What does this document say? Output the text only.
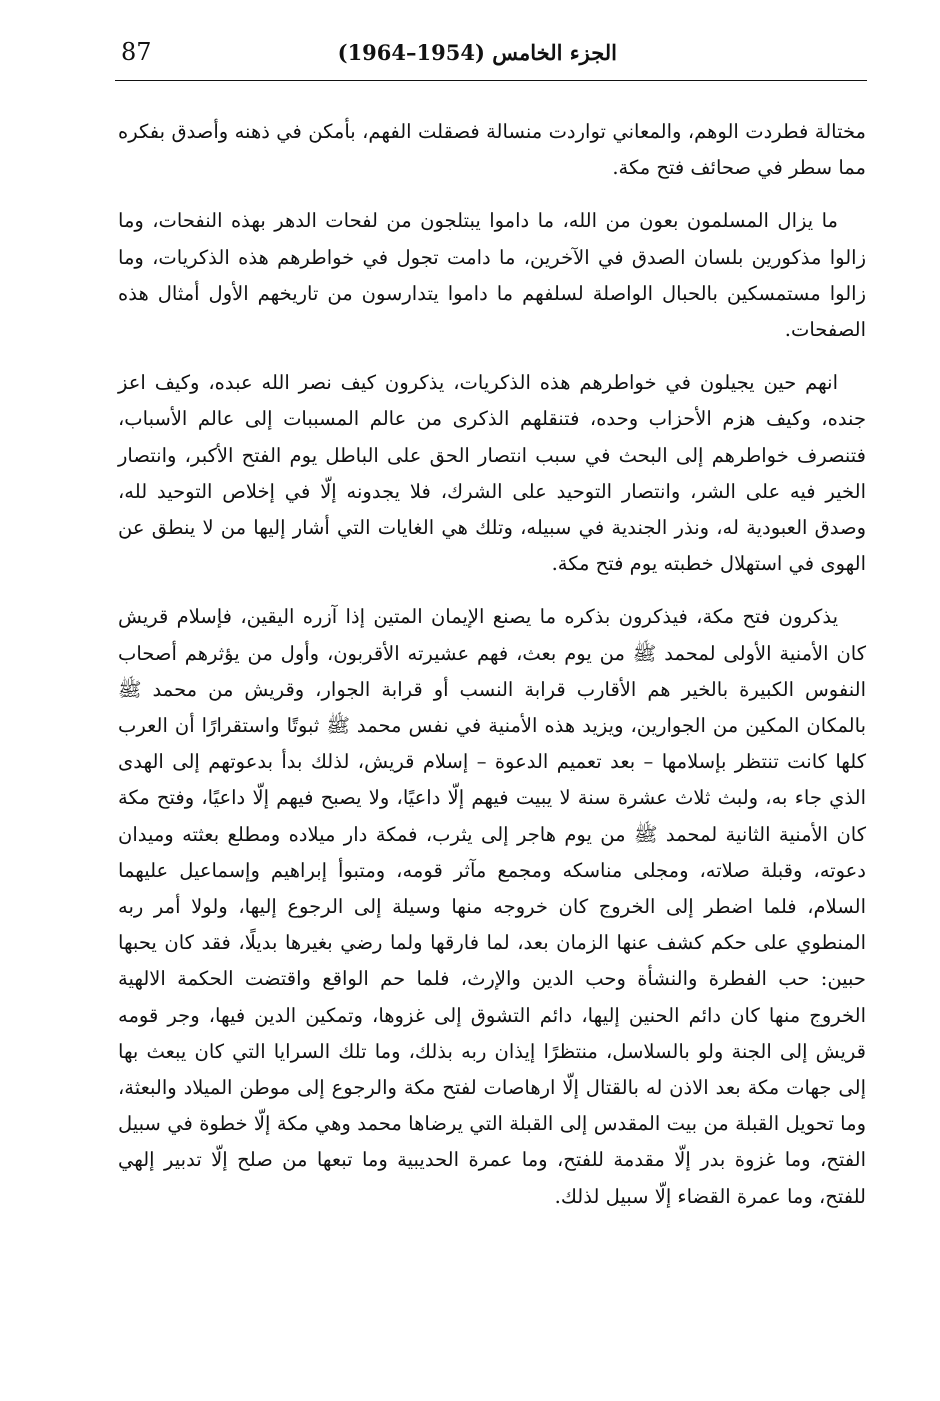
87	الجزء الخامس (1954–1964)

مختالة فطردت الوهم، والمعاني تواردت منسالة فصقلت الفهم، بأمكن في ذهنه وأصدق بفكره مما سطر في صحائف فتح مكة.

ما يزال المسلمون بعون من الله، ما داموا يبتلجون من لفحات الدهر بهذه النفحات، وما زالوا مذكورين بلسان الصدق في الآخرين، ما دامت تجول في خواطرهم هذه الذكريات، وما زالوا مستمسكين بالحبال الواصلة لسلفهم ما داموا يتدارسون من تاريخهم الأول أمثال هذه الصفحات.

انهم حين يجيلون في خواطرهم هذه الذكريات، يذكرون كيف نصر الله عبده، وكيف اعز جنده، وكيف هزم الأحزاب وحده، فتنقلهم الذكرى من عالم المسببات إلى عالم الأسباب، فتنصرف خواطرهم إلى البحث في سبب انتصار الحق على الباطل يوم الفتح الأكبر، وانتصار الخير فيه على الشر، وانتصار التوحيد على الشرك، فلا يجدونه إلّا في إخلاص التوحيد لله، وصدق العبودية له، ونذر الجندية في سبيله، وتلك هي الغايات التي أشار إليها من لا ينطق عن الهوى في استهلال خطبته يوم فتح مكة.

يذكرون فتح مكة، فيذكرون بذكره ما يصنع الإيمان المتين إذا آزره اليقين، فإسلام قريش كان الأمنية الأولى لمحمد ﷺ من يوم بعث، فهم عشيرته الأقربون، وأول من يؤثرهم أصحاب النفوس الكبيرة بالخير هم الأقارب قرابة النسب أو قرابة الجوار، وقريش من محمد ﷺ بالمكان المكين من الجوارين، ويزيد هذه الأمنية في نفس محمد ﷺ ثبوتًا واستقرارًا أن العرب كلها كانت تنتظر بإسلامها – بعد تعميم الدعوة – إسلام قريش، لذلك بدأ بدعوتهم إلى الهدى الذي جاء به، ولبث ثلاث عشرة سنة لا يبيت فيهم إلّا داعيًا، ولا يصبح فيهم إلّا داعيًا، وفتح مكة كان الأمنية الثانية لمحمد ﷺ من يوم هاجر إلى يثرب، فمكة دار ميلاده ومطلع بعثته وميدان دعوته، وقبلة صلاته، ومجلى مناسكه ومجمع مآثر قومه، ومتبوأ إبراهيم وإسماعيل عليهما السلام، فلما اضطر إلى الخروج كان خروجه منها وسيلة إلى الرجوع إليها، ولولا أمر ربه المنطوي على حكم كشف عنها الزمان بعد، لما فارقها ولما رضي بغيرها بديلًا، فقد كان يحبها حبين: حب الفطرة والنشأة وحب الدين والإرث، فلما حم الواقع واقتضت الحكمة الالهية الخروج منها كان دائم الحنين إليها، دائم التشوق إلى غزوها، وتمكين الدين فيها، وجر قومه قريش إلى الجنة ولو بالسلاسل، منتظرًا إيذان ربه بذلك، وما تلك السرايا التي كان يبعث بها إلى جهات مكة بعد الاذن له بالقتال إلّا ارهاصات لفتح مكة والرجوع إلى موطن الميلاد والبعثة، وما تحويل القبلة من بيت المقدس إلى القبلة التي يرضاها محمد وهي مكة إلّا خطوة في سبيل الفتح، وما غزوة بدر إلّا مقدمة للفتح، وما عمرة الحديبية وما تبعها من صلح إلّا تدبير إلهي للفتح، وما عمرة القضاء إلّا سبيل لذلك.
